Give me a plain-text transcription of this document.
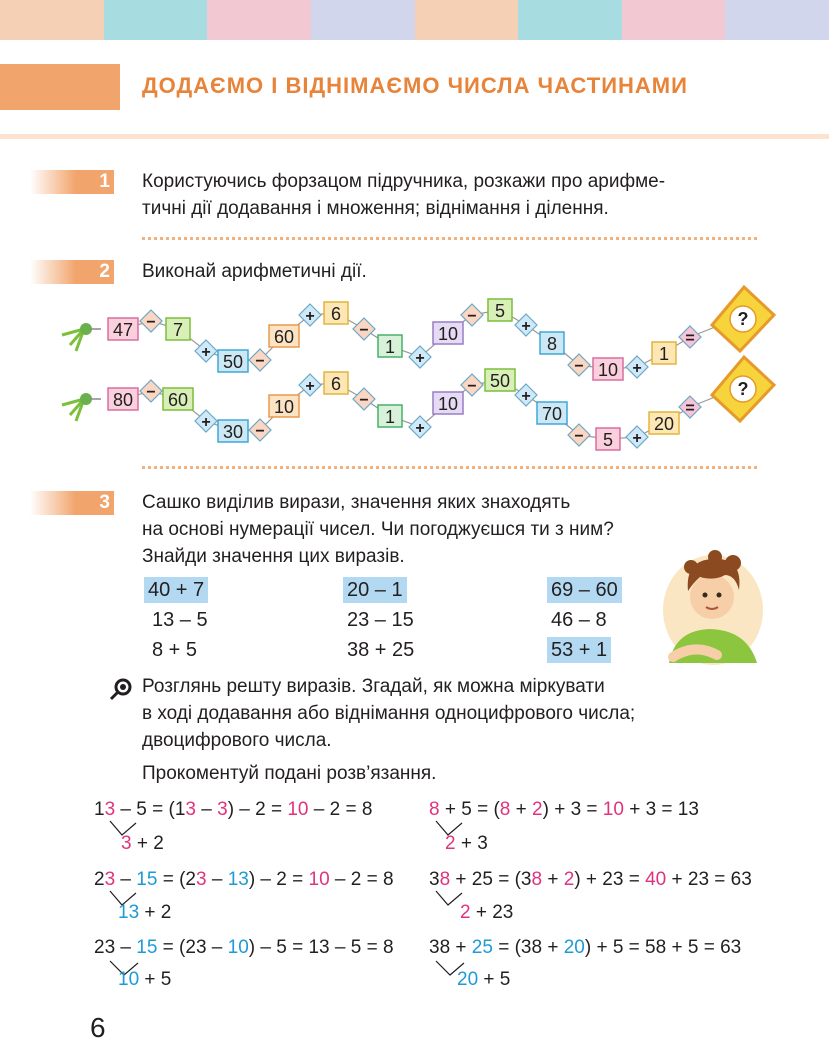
ДОДАЄМО І ВІДНІМАЄМО ЧИСЛА ЧАСТИНАМИ
1 Користуючись форзацом підручника, розкажи про арифме-
тичні дії додавання і множення; віднімання і ділення.
2 Виконай арифметичні дії.
47 7
50
60
6
1
10
5
8
10
1
−
+
−
+
−
+
−
+
−	+
=
?
80 60
30
10
6
1
10
50
70
5
20
−
+
−
+
−
+
−
+
−	+
=
?
3 Сашко виділив вирази, значення яких знаходять
на основі нумерації чисел. Чи погоджуєшся ти з ним?
Знайди значення цих виразів.
40 + 7	20 – 1	69 – 60
13 – 5	23 – 15	46 – 8
8 + 5	38 + 25	53 + 1
Розглянь решту виразів. Згадай, як можна міркувати
в ході додавання або віднімання одноцифрового числа;
двоцифрового числа.
Прокоментуй подані розв’язання.
13 – 5 = (13 – 3) – 2 = 10 – 2 = 8
3 + 2
8 + 5 = (8 + 2) + 3 = 10 + 3 = 13
2 + 3
23 – 15 = (23 – 13) – 2 = 10 – 2 = 8
13 + 2
38 + 25 = (38 + 2) + 23 = 40 + 23 = 63
2 + 23
23 – 15 = (23 – 10) – 5 = 13 – 5 = 8
10 + 5
38 + 25 = (38 + 20) + 5 = 58 + 5 = 63
20 + 5
6
